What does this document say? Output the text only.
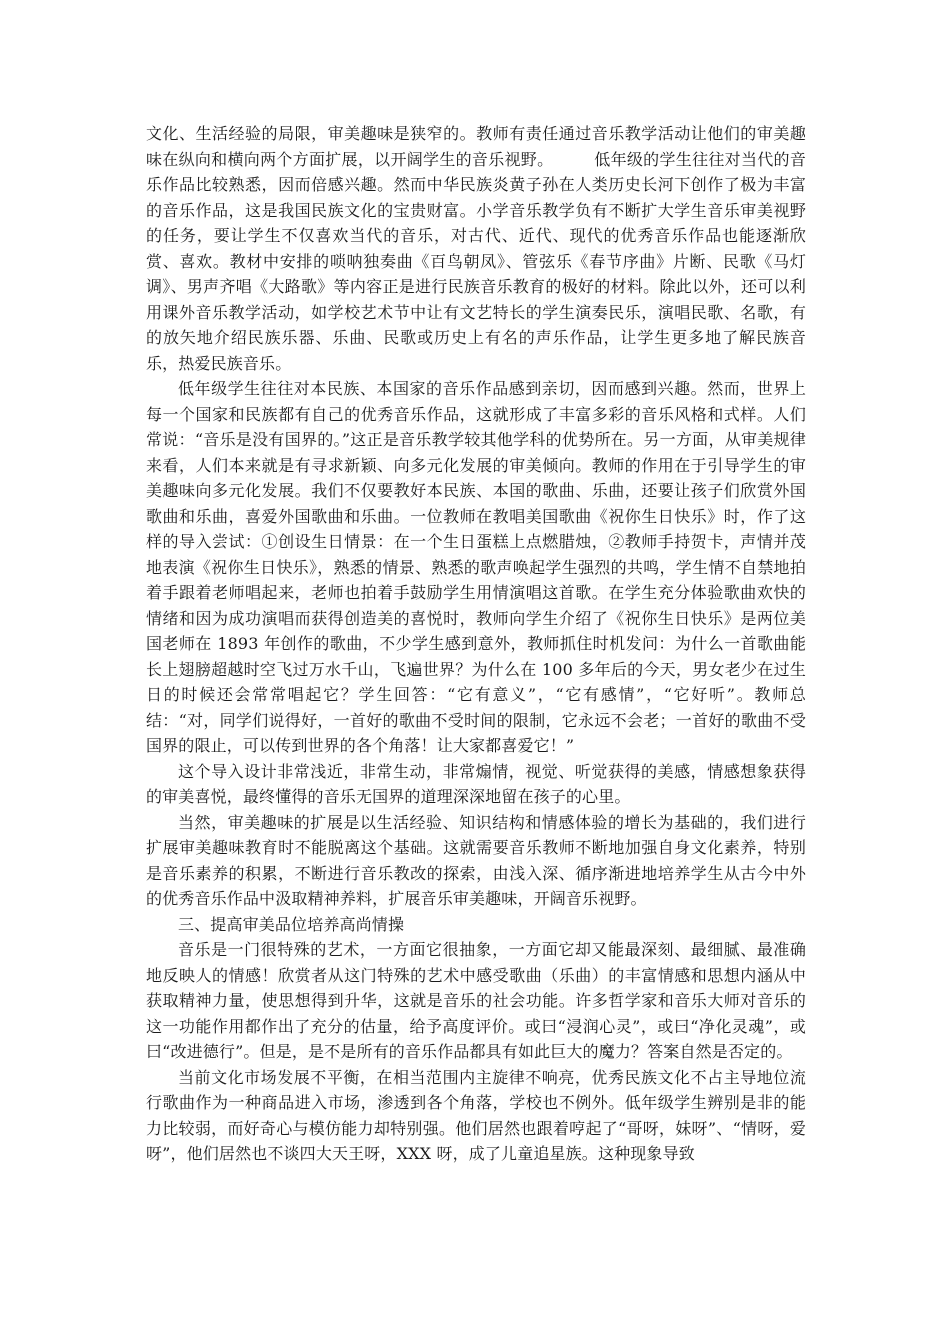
文化、生活经验的局限，审美趣味是狭窄的。教师有责任通过音乐教学活动让他们的审美趣味在纵向和横向两个方面扩展，以开阔学生的音乐视野。　　　低年级的学生往往对当代的音乐作品比较熟悉，因而倍感兴趣。然而中华民族炎黄子孙在人类历史长河下创作了极为丰富的音乐作品，这是我国民族文化的宝贵财富。小学音乐教学负有不断扩大学生音乐审美视野的任务，要让学生不仅喜欢当代的音乐，对古代、近代、现代的优秀音乐作品也能逐渐欣赏、喜欢。教材中安排的唢呐独奏曲《百鸟朝凤》、管弦乐《春节序曲》片断、民歌《马灯调》、男声齐唱《大路歌》等内容正是进行民族音乐教育的极好的材料。除此以外，还可以利用课外音乐教学活动，如学校艺术节中让有文艺特长的学生演奏民乐，演唱民歌、名歌，有的放矢地介绍民族乐器、乐曲、民歌或历史上有名的声乐作品，让学生更多地了解民族音乐，热爱民族音乐。

低年级学生往往对本民族、本国家的音乐作品感到亲切，因而感到兴趣。然而，世界上每一个国家和民族都有自己的优秀音乐作品，这就形成了丰富多彩的音乐风格和式样。人们常说：“音乐是没有国界的。”这正是音乐教学较其他学科的优势所在。另一方面，从审美规律来看，人们本来就是有寻求新颖、向多元化发展的审美倾向。教师的作用在于引导学生的审美趣味向多元化发展。我们不仅要教好本民族、本国的歌曲、乐曲，还要让孩子们欣赏外国歌曲和乐曲，喜爱外国歌曲和乐曲。一位教师在教唱美国歌曲《祝你生日快乐》时，作了这样的导入尝试：①创设生日情景：在一个生日蛋糕上点燃腊烛，②教师手持贺卡，声情并茂地表演《祝你生日快乐》，熟悉的情景、熟悉的歌声唤起学生强烈的共鸣，学生情不自禁地拍着手跟着老师唱起来，老师也拍着手鼓励学生用情演唱这首歌。在学生充分体验歌曲欢快的情绪和因为成功演唱而获得创造美的喜悦时，教师向学生介绍了《祝你生日快乐》是两位美国老师在 1893 年创作的歌曲，不少学生感到意外，教师抓住时机发问：为什么一首歌曲能长上翅膀超越时空飞过万水千山，飞遍世界？为什么在 100 多年后的今天，男女老少在过生日的时候还会常常唱起它？学生回答：“它有意义”，“它有感情”，“它好听”。教师总结：“对，同学们说得好，一首好的歌曲不受时间的限制，它永远不会老；一首好的歌曲不受国界的限止，可以传到世界的各个角落！让大家都喜爱它！”

这个导入设计非常浅近，非常生动，非常煽情，视觉、听觉获得的美感，情感想象获得的审美喜悦，最终懂得的音乐无国界的道理深深地留在孩子的心里。

当然，审美趣味的扩展是以生活经验、知识结构和情感体验的增长为基础的，我们进行扩展审美趣味教育时不能脱离这个基础。这就需要音乐教师不断地加强自身文化素养，特别是音乐素养的积累，不断进行音乐教改的探索，由浅入深、循序渐进地培养学生从古今中外的优秀音乐作品中汲取精神养料，扩展音乐审美趣味，开阔音乐视野。

三、提高审美品位培养高尚情操

音乐是一门很特殊的艺术，一方面它很抽象，一方面它却又能最深刻、最细腻、最准确地反映人的情感！欣赏者从这门特殊的艺术中感受歌曲（乐曲）的丰富情感和思想内涵从中获取精神力量，使思想得到升华，这就是音乐的社会功能。许多哲学家和音乐大师对音乐的这一功能作用都作出了充分的估量，给予高度评价。或曰“浸润心灵”，或曰“净化灵魂”，或曰“改进德行”。但是，是不是所有的音乐作品都具有如此巨大的魔力？答案自然是否定的。

当前文化市场发展不平衡，在相当范围内主旋律不响亮，优秀民族文化不占主导地位流行歌曲作为一种商品进入市场，渗透到各个角落，学校也不例外。低年级学生辨别是非的能力比较弱，而好奇心与模仿能力却特别强。他们居然也跟着哼起了“哥呀，妹呀”、“情呀，爱呀”，他们居然也不谈四大天王呀，XXX 呀，成了儿童追星族。这种现象导致
